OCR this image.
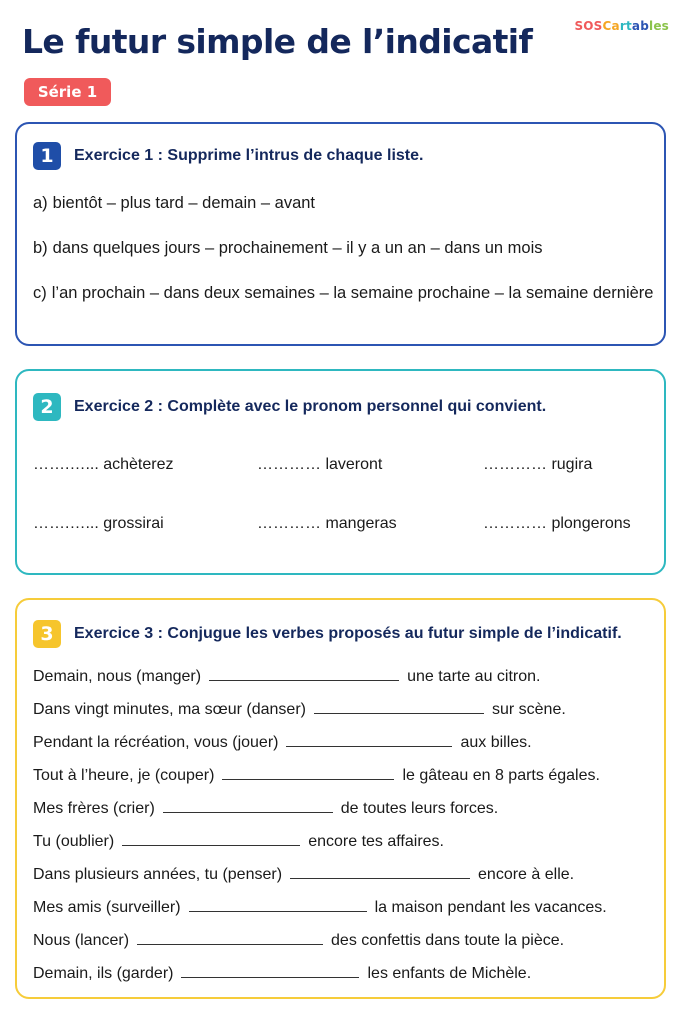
SOSCartables
Le futur simple de l’indicatif
Série 1
1	Exercice 1 : Supprime l’intrus de chaque liste.
a) bientôt – plus tard – demain – avant
b) dans quelques jours – prochainement – il y a un an – dans un mois
c) l’an prochain – dans deux semaines – la semaine prochaine – la semaine dernière
2	Exercice 2 : Complète avec le pronom personnel qui convient.
…….…... achèterez	………… laveront	………… rugira
…….…... grossirai	………… mangeras	………… plongerons
3	Exercice 3 : Conjugue les verbes proposés au futur simple de l’indicatif.
Demain, nous (manger)	une tarte au citron.
Dans vingt minutes, ma sœur (danser)	sur scène.
Pendant la récréation, vous (jouer)	aux billes.
Tout à l’heure, je (couper)	le gâteau en 8 parts égales.
Mes frères (crier)	de toutes leurs forces.
Tu (oublier)	encore tes affaires.
Dans plusieurs années, tu (penser)	encore à elle.
Mes amis (surveiller)	la maison pendant les vacances.
Nous (lancer)	des confettis dans toute la pièce.
Demain, ils (garder)	les enfants de Michèle.
